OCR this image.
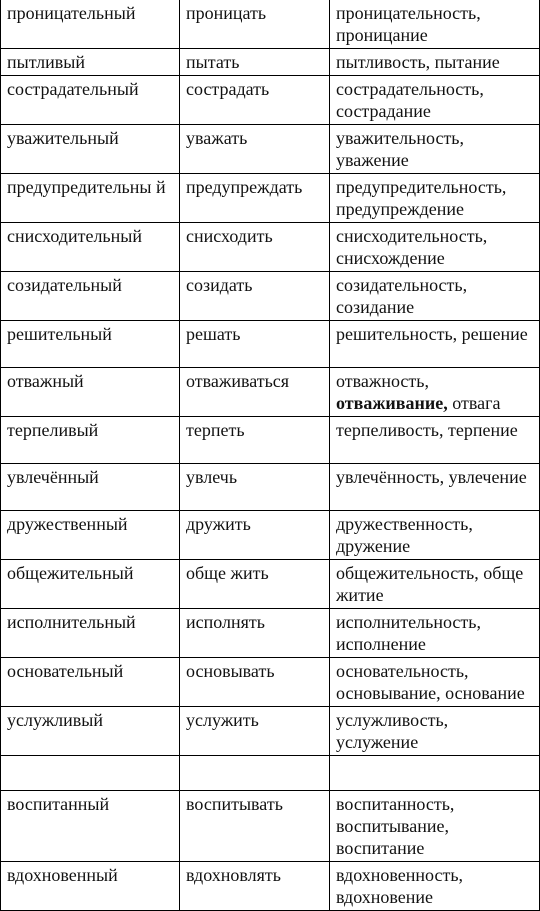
проницательный	проницать	проницательность, проницание
пытливый	пытать	пытливость, пытание
сострадательный	сострадать	сострадательность, сострадание
уважительный	уважать	уважительность, уважение
предупредительны й	предупреждать	предупредительность, предупреждение
снисходительный	снисходить	снисходительность, снисхождение
созидательный	созидать	созидательность, созидание
решительный	решать	решительность, решение
отважный	отваживаться	отважность, отваживание, отвага
терпеливый	терпеть	терпеливость, терпение
увлечённый	увлечь	увлечённость, увлечение
дружественный	дружить	дружественность, дружение
общежительный	обще жить	общежительность, обще житие
исполнительный	исполнять	исполнительность, исполнение
основательный	основывать	основательность, основывание, основание
услужливый	услужить	услужливость, услужение

воспитанный	воспитывать	воспитанность, воспитывание, воспитание
вдохновенный	вдохновлять	вдохновенность, вдохновение
